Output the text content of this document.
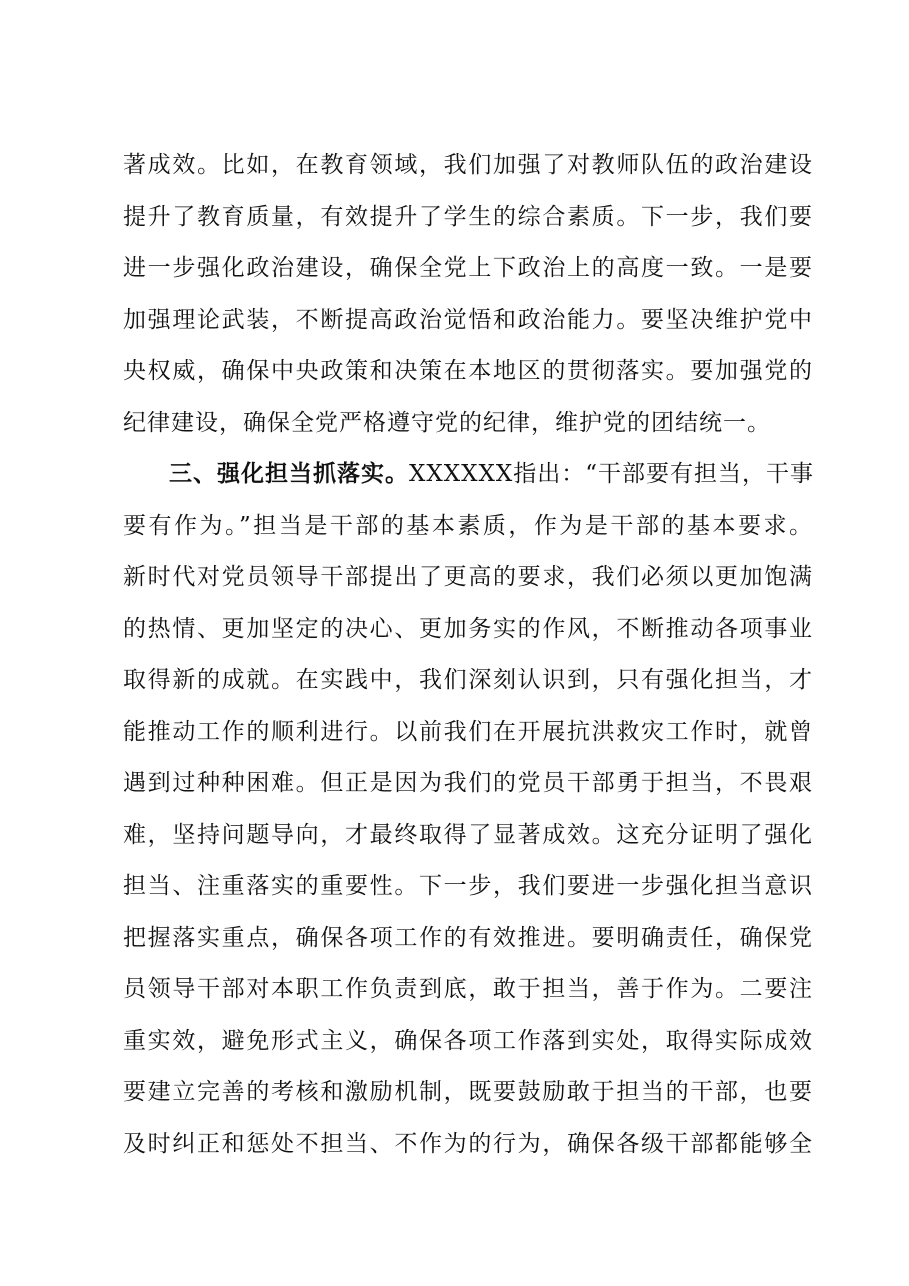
著成效。比如，在教育领域，我们加强了对教师队伍的政治建设
提升了教育质量，有效提升了学生的综合素质。下一步，我们要
进一步强化政治建设，确保全党上下政治上的高度一致。一是要
加强理论武装，不断提高政治觉悟和政治能力。要坚决维护党中
央权威，确保中央政策和决策在本地区的贯彻落实。要加强党的
纪律建设，确保全党严格遵守党的纪律，维护党的团结统一。
三、强化担当抓落实。XXXXXX指出：“干部要有担当，干事
要有作为。”担当是干部的基本素质，作为是干部的基本要求。
新时代对党员领导干部提出了更高的要求，我们必须以更加饱满
的热情、更加坚定的决心、更加务实的作风，不断推动各项事业
取得新的成就。在实践中，我们深刻认识到，只有强化担当，才
能推动工作的顺利进行。以前我们在开展抗洪救灾工作时，就曾
遇到过种种困难。但正是因为我们的党员干部勇于担当，不畏艰
难，坚持问题导向，才最终取得了显著成效。这充分证明了强化
担当、注重落实的重要性。下一步，我们要进一步强化担当意识
把握落实重点，确保各项工作的有效推进。要明确责任，确保党
员领导干部对本职工作负责到底，敢于担当，善于作为。二要注
重实效，避免形式主义，确保各项工作落到实处，取得实际成效
要建立完善的考核和激励机制，既要鼓励敢于担当的干部，也要
及时纠正和惩处不担当、不作为的行为，确保各级干部都能够全
